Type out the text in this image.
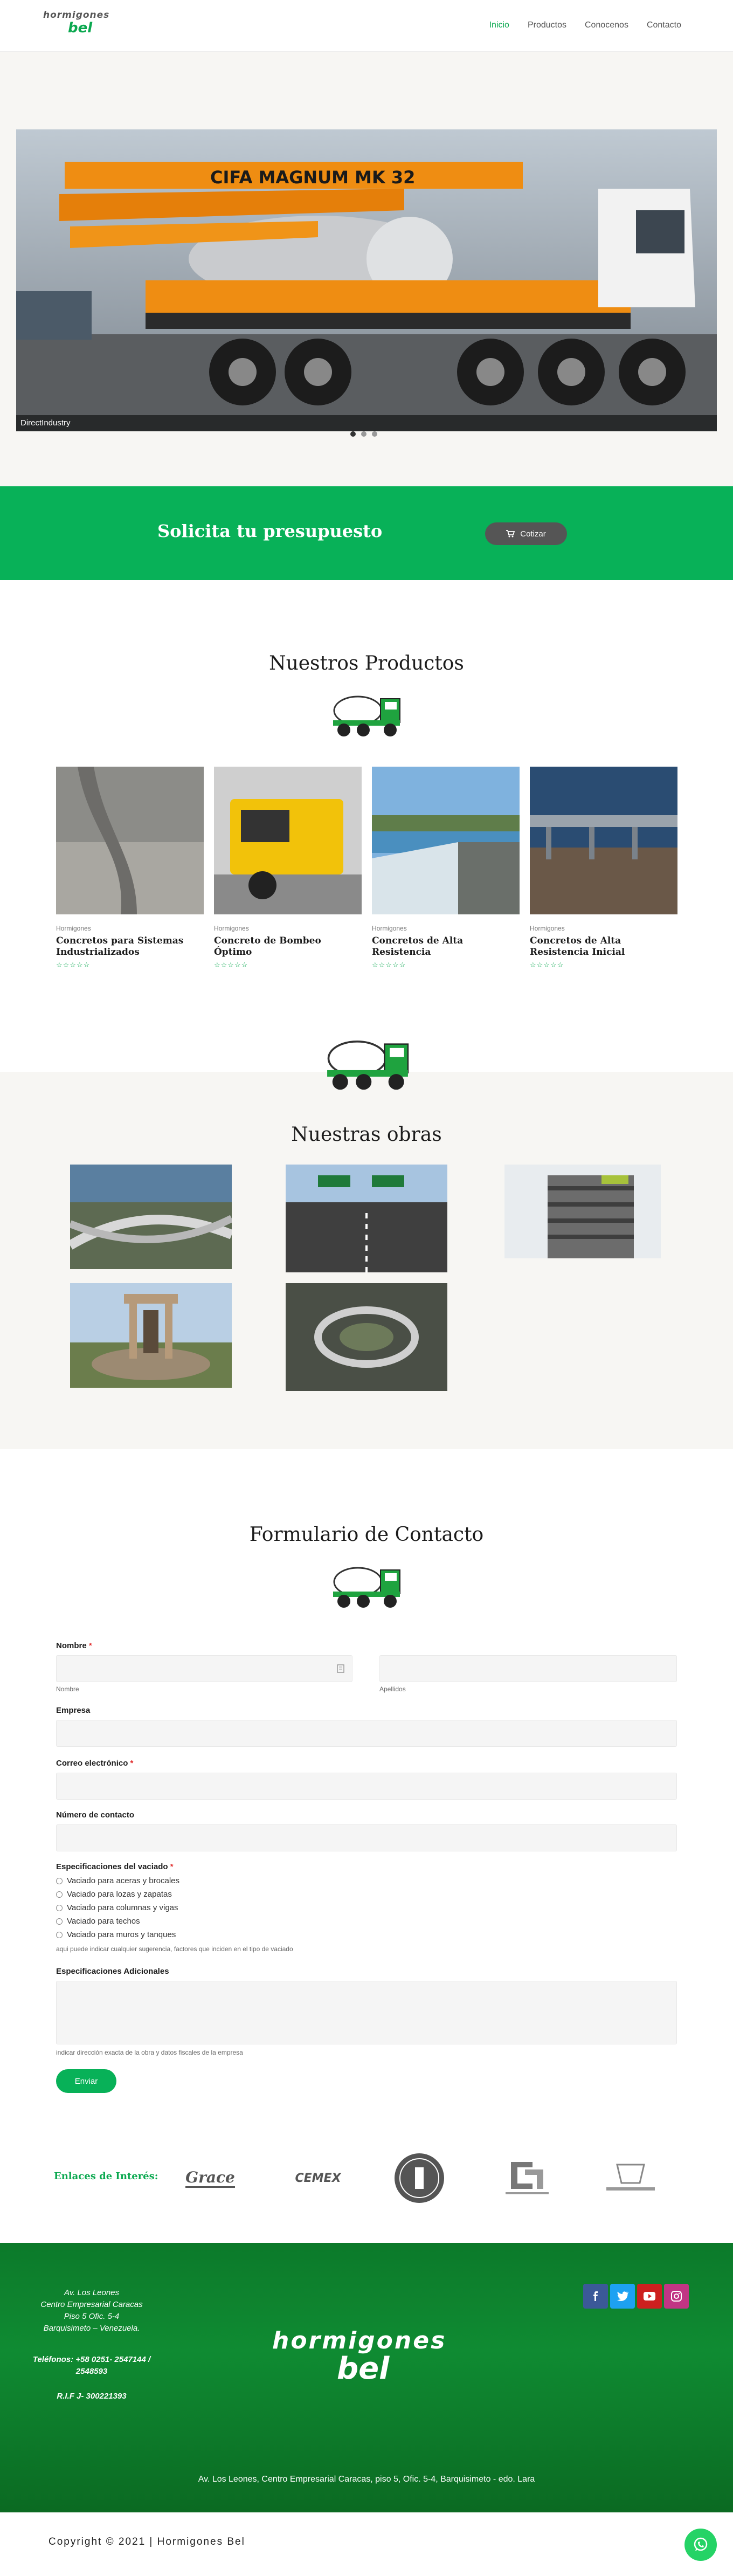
hormigones
bel	Inicio Productos Conocenos Contacto
CIFA MAGNUM MK 32
DirectIndustry
Solicita tu presupuesto	Cotizar
Nuestros Productos
Hormigones
Concretos para Sistemas Industrializados
☆☆☆☆☆
Hormigones
Concreto de Bombeo Óptimo
☆☆☆☆☆
Hormigones
Concretos de Alta Resistencia
☆☆☆☆☆
Hormigones
Concretos de Alta Resistencia Inicial
☆☆☆☆☆
Nuestras obras
Formulario de Contacto
Nombre *
Nombre	Apellidos
Empresa
Correo electrónico *
Número de contacto
Especificaciones del vaciado *
Vaciado para aceras y brocales
Vaciado para lozas y zapatas
Vaciado para columnas y vigas
Vaciado para techos
Vaciado para muros y tanques
aqui puede indicar cualquier sugerencia, factores que inciden en el tipo de vaciado
Especificaciones Adicionales
indicar dirección exacta de la obra y datos fiscales de la empresa
Enviar
Enlaces de Interés: Grace	CEMEX
Av. Los Leones
Centro Empresarial Caracas
Piso 5 Ofic. 5-4
Barquisimeto – Venezuela.
Teléfonos: +58 0251- 2547144 / 2548593
R.I.F J- 300221393
hormigones
bel
Av. Los Leones, Centro Empresarial Caracas, piso 5, Ofic. 5-4, Barquisimeto - edo. Lara
Copyright © 2021 | Hormigones Bel
